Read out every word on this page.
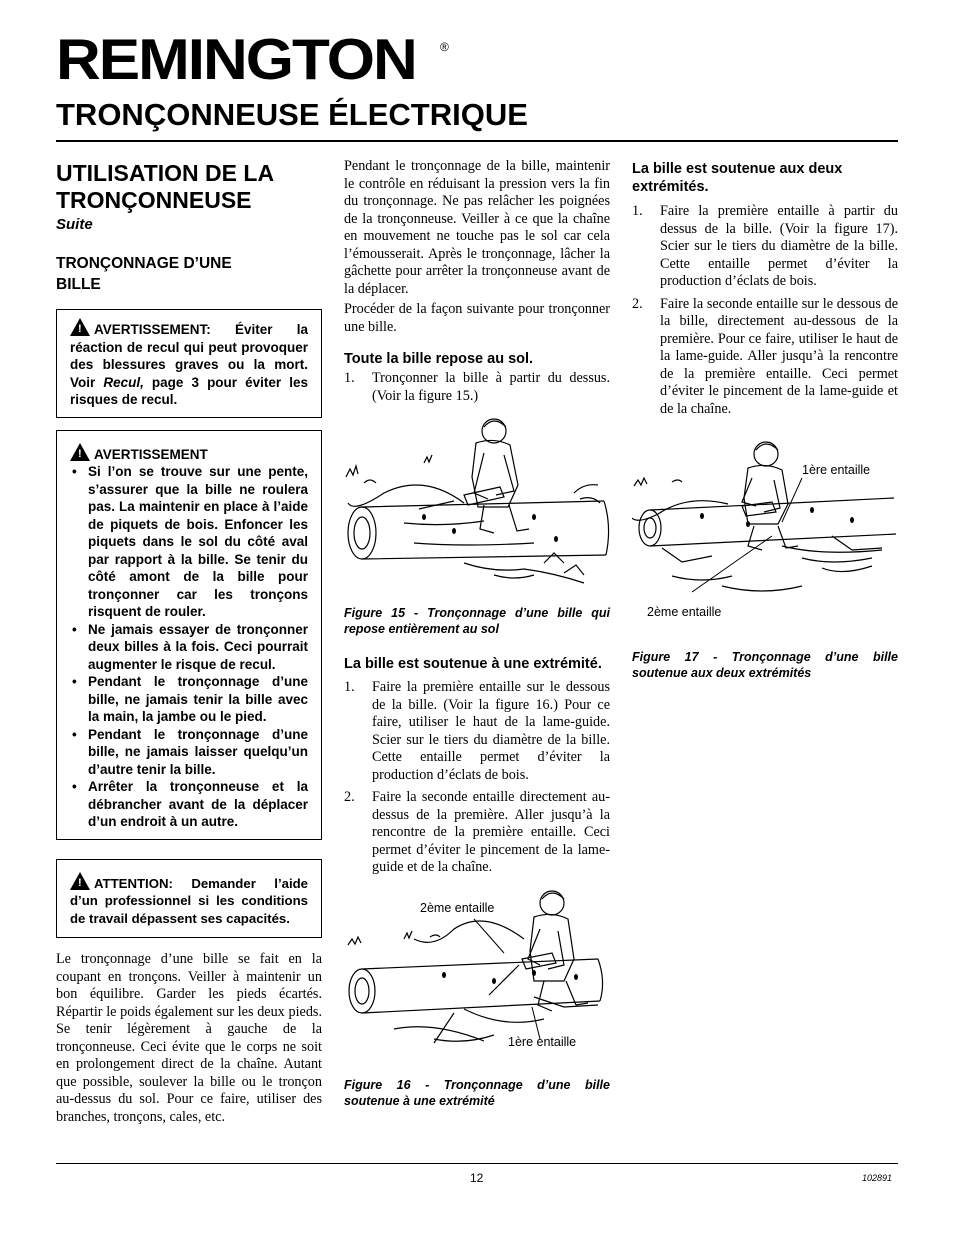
REMINGTON ®
TRONÇONNEUSE ÉLECTRIQUE
UTILISATION DE LA
TRONÇONNEUSE
Suite
TRONÇONNAGE D’UNE
BILLE
!AVERTISSEMENT: Éviter la réaction de recul qui peut provoquer des blessures graves ou la mort. Voir Recul, page 3 pour éviter les risques de recul.
!AVERTISSEMENT
• Si l’on se trouve sur une pente, s’assurer que la bille ne roulera pas. La maintenir en place à l’aide de piquets de bois. Enfoncer les piquets dans le sol du côté aval par rapport à la bille. Se tenir du côté amont de la bille pour tronçonner car les tronçons risquent de rouler.
• Ne jamais essayer de tronçonner deux billes à la fois. Ceci pourrait augmenter le risque de recul.
• Pendant le tronçonnage d’une bille, ne jamais tenir la bille avec la main, la jambe ou le pied.
• Pendant le tronçonnage d’une bille, ne jamais laisser quelqu’un d’autre tenir la bille.
• Arrêter la tronçonneuse et la débrancher avant de la déplacer d’un endroit à un autre.
!ATTENTION: Demander l’aide d’un professionnel si les conditions de travail dépassent ses capacités.

Le tronçonnage d’une bille se fait en la coupant en tronçons. Veiller à maintenir un bon équilibre. Garder les pieds écartés. Répartir le poids également sur les deux pieds. Se tenir légèrement à gauche de la tronçonneuse. Ceci évite que le corps ne soit en prolongement direct de la chaîne. Autant que possible, soulever la bille ou le tronçon au-dessus du sol. Pour ce faire, utiliser des branches, tronçons, cales, etc.

Pendant le tronçonnage de la bille, maintenir le contrôle en réduisant la pression vers la fin du tronçonnage. Ne pas relâcher les poignées de la tronçonneuse. Veiller à ce que la chaîne en mouvement ne touche pas le sol car cela l’émousserait. Après le tronçonnage, lâcher la gâchette pour arrêter la tronçonneuse avant de la déplacer.

Procéder de la façon suivante pour tronçonner une bille.

Toute la bille repose au sol.
1. Tronçonner la bille à partir du dessus. (Voir la figure 15.)

Figure 15 - Tronçonnage d’une bille qui repose entièrement au sol

La bille est soutenue à une extrémité.
1. Faire la première entaille sur le dessous de la bille. (Voir la figure 16.) Pour ce faire, utiliser le haut de la lame-guide. Scier sur le tiers du diamètre de la bille. Cette entaille permet d’éviter la production d’éclats de bois.
2. Faire la seconde entaille directement au-dessus de la première. Aller jusqu’à la rencontre de la première entaille. Ceci permet d’éviter le pincement de la lame-guide et de la chaîne.
2ème entaille
1ère entaille

Figure 16 - Tronçonnage d’une bille soutenue à une extrémité

La bille est soutenue aux deux extrémités.
1. Faire la première entaille à partir du dessus de la bille. (Voir la figure 17). Scier sur le tiers du diamètre de la bille. Cette entaille permet d’éviter la production d’éclats de bois.
2. Faire la seconde entaille sur le dessous de la bille, directement au-dessous de la première. Pour ce faire, utiliser le haut de la lame-guide. Aller jusqu’à la rencontre de la première entaille. Ceci permet d’éviter le pincement de la lame-guide et de la chaîne.
1ère entaille
2ème entaille

Figure 17 - Tronçonnage d’une bille soutenue aux deux extrémités

12	102891
